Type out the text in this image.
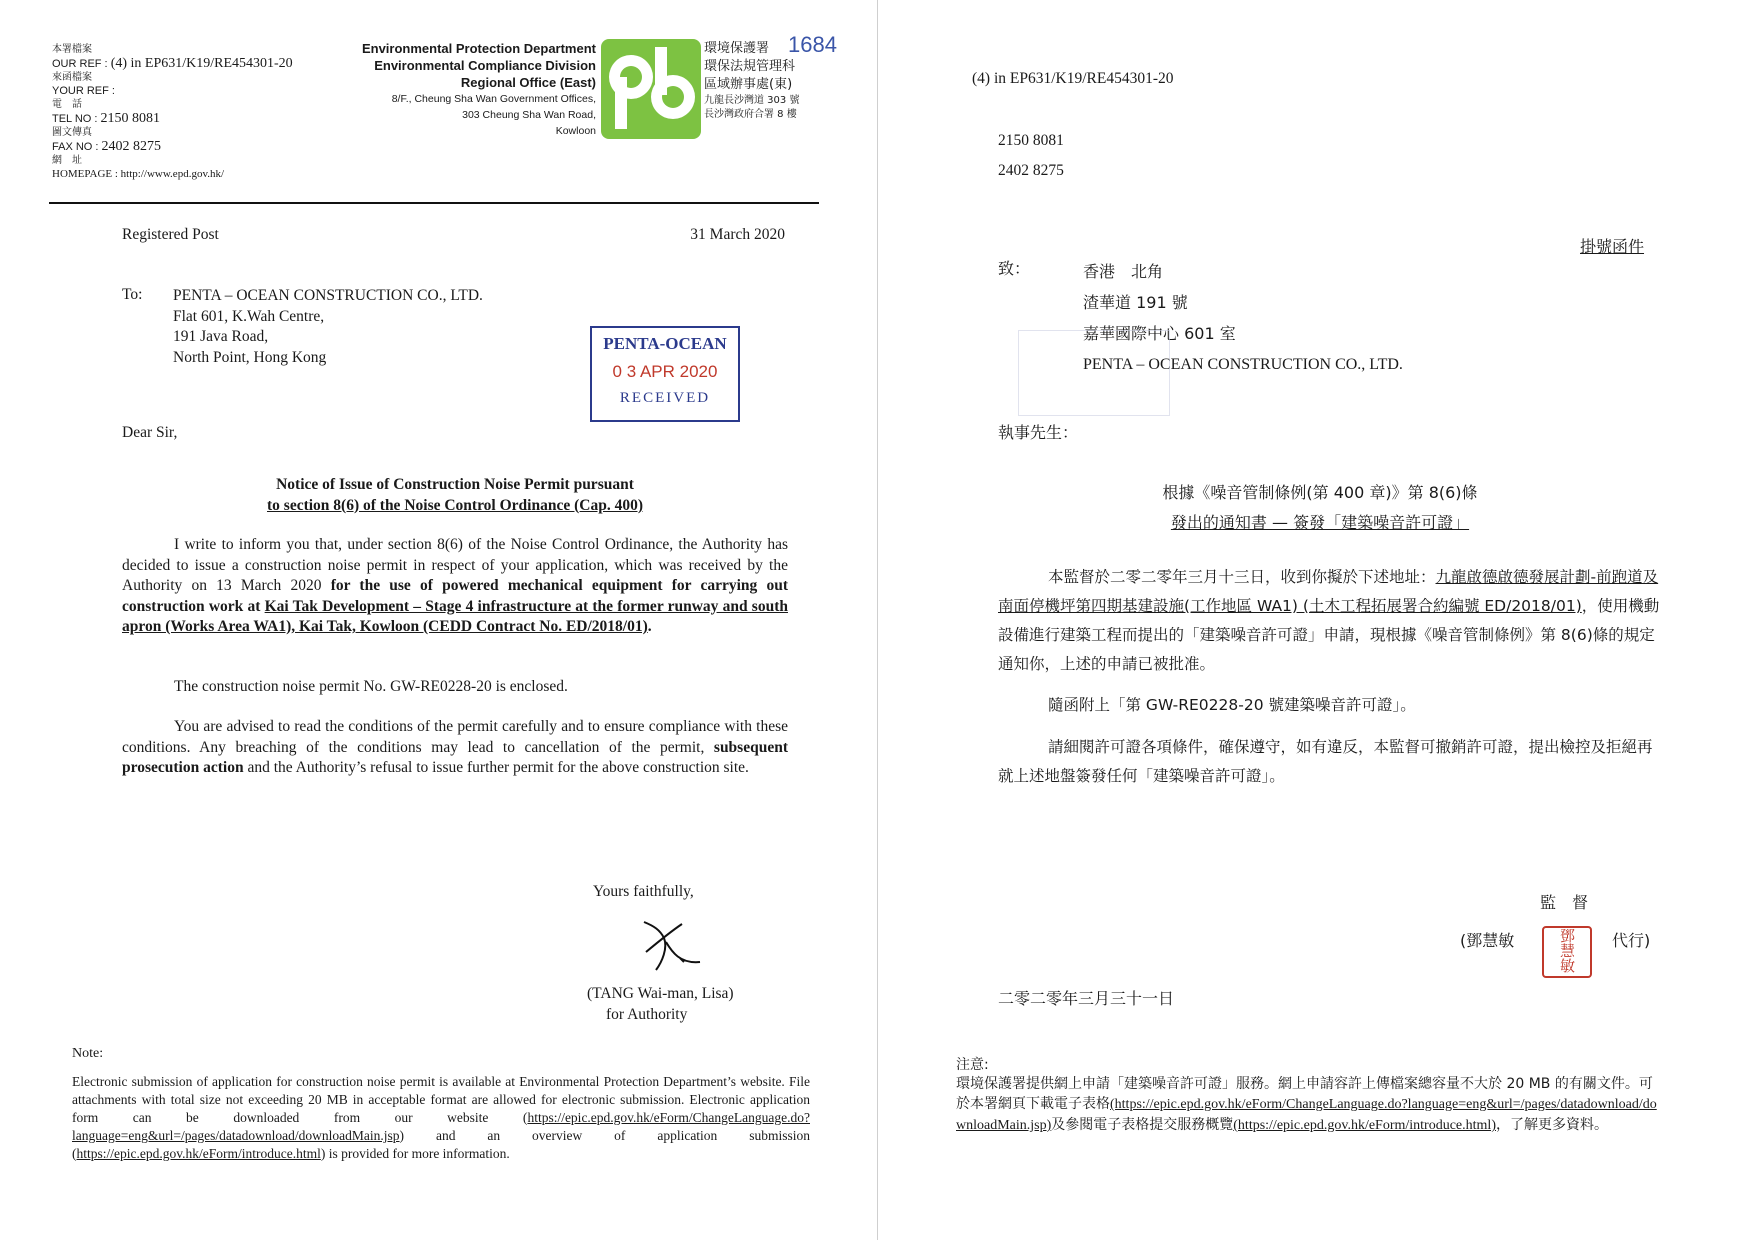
本署檔案
OUR REF : (4) in EP631/K19/RE454301-20
來函檔案
YOUR REF :
電　話
TEL NO : 2150 8081
圖文傳真
FAX NO : 2402 8275
網　址
HOMEPAGE : http://www.epd.gov.hk/
Environmental Protection Department
Environmental Compliance Division
Regional Office (East)
8/F., Cheung Sha Wan Government Offices,
303 Cheung Sha Wan Road,
Kowloon
環境保護署
環保法規管理科
區域辦事處(東)
九龍長沙灣道 303 號
長沙灣政府合署 8 樓
1684
Registered Post	31 March 2020
To: PENTA – OCEAN CONSTRUCTION CO., LTD.
Flat 601, K.Wah Centre,
191 Java Road,
North Point, Hong Kong
PENTA-OCEAN
0 3 APR 2020
RECEIVED
Dear Sir,
Notice of Issue of Construction Noise Permit pursuant
to section 8(6) of the Noise Control Ordinance (Cap. 400)
I write to inform you that, under section 8(6) of the Noise Control Ordinance, the Authority has decided to issue a construction noise permit in respect of your application, which was received by the Authority on 13 March 2020 for the use of powered mechanical equipment for carrying out construction work at Kai Tak Development – Stage 4 infrastructure at the former runway and south apron (Works Area WA1), Kai Tak, Kowloon (CEDD Contract No. ED/2018/01).
The construction noise permit No. GW-RE0228-20 is enclosed.
You are advised to read the conditions of the permit carefully and to ensure compliance with these conditions. Any breaching of the conditions may lead to cancellation of the permit, subsequent prosecution action and the Authority’s refusal to issue further permit for the above construction site.
Yours faithfully,
(TANG Wai-man, Lisa)
for Authority
Note:
Electronic submission of application for construction noise permit is available at Environmental Protection Department’s website. File attachments with total size not exceeding 20 MB in acceptable format are allowed for electronic submission. Electronic application form can be downloaded from our website (https://epic.epd.gov.hk/eForm/ChangeLanguage.do?language=eng&url=/pages/datadownload/downloadMain.jsp) and an overview of application submission (https://epic.epd.gov.hk/eForm/introduce.html) is provided for more information.
(4) in EP631/K19/RE454301-20
2150 8081
2402 8275
掛號函件
致：	香港　北角
渣華道 191 號
嘉華國際中心 601 室
PENTA – OCEAN CONSTRUCTION CO., LTD.
執事先生：
根據《噪音管制條例(第 400 章)》第 8(6)條
發出的通知書 — 簽發「建築噪音許可證」
本監督於二零二零年三月十三日，收到你擬於下述地址：九龍啟德啟德發展計劃-前跑道及南面停機坪第四期基建設施(工作地區 WA1) (土木工程拓展署合約編號 ED/2018/01)，使用機動設備進行建築工程而提出的「建築噪音許可證」申請，現根據《噪音管制條例》第 8(6)條的規定通知你，上述的申請已被批准。
隨函附上「第 GW-RE0228-20 號建築噪音許可證」。
請細閱許可證各項條件，確保遵守，如有違反，本監督可撤銷許可證，提出檢控及拒絕再就上述地盤簽發任何「建築噪音許可證」。
監　督
(鄧慧敏	鄧慧敏	代行)
二零二零年三月三十一日
注意:
環境保護署提供網上申請「建築噪音許可證」服務。網上申請容許上傳檔案總容量不大於 20 MB 的有關文件。可於本署網頁下載電子表格(https://epic.epd.gov.hk/eForm/ChangeLanguage.do?language=eng&url=/pages/datadownload/downloadMain.jsp)及參閱電子表格提交服務概覽(https://epic.epd.gov.hk/eForm/introduce.html)，了解更多資料。
